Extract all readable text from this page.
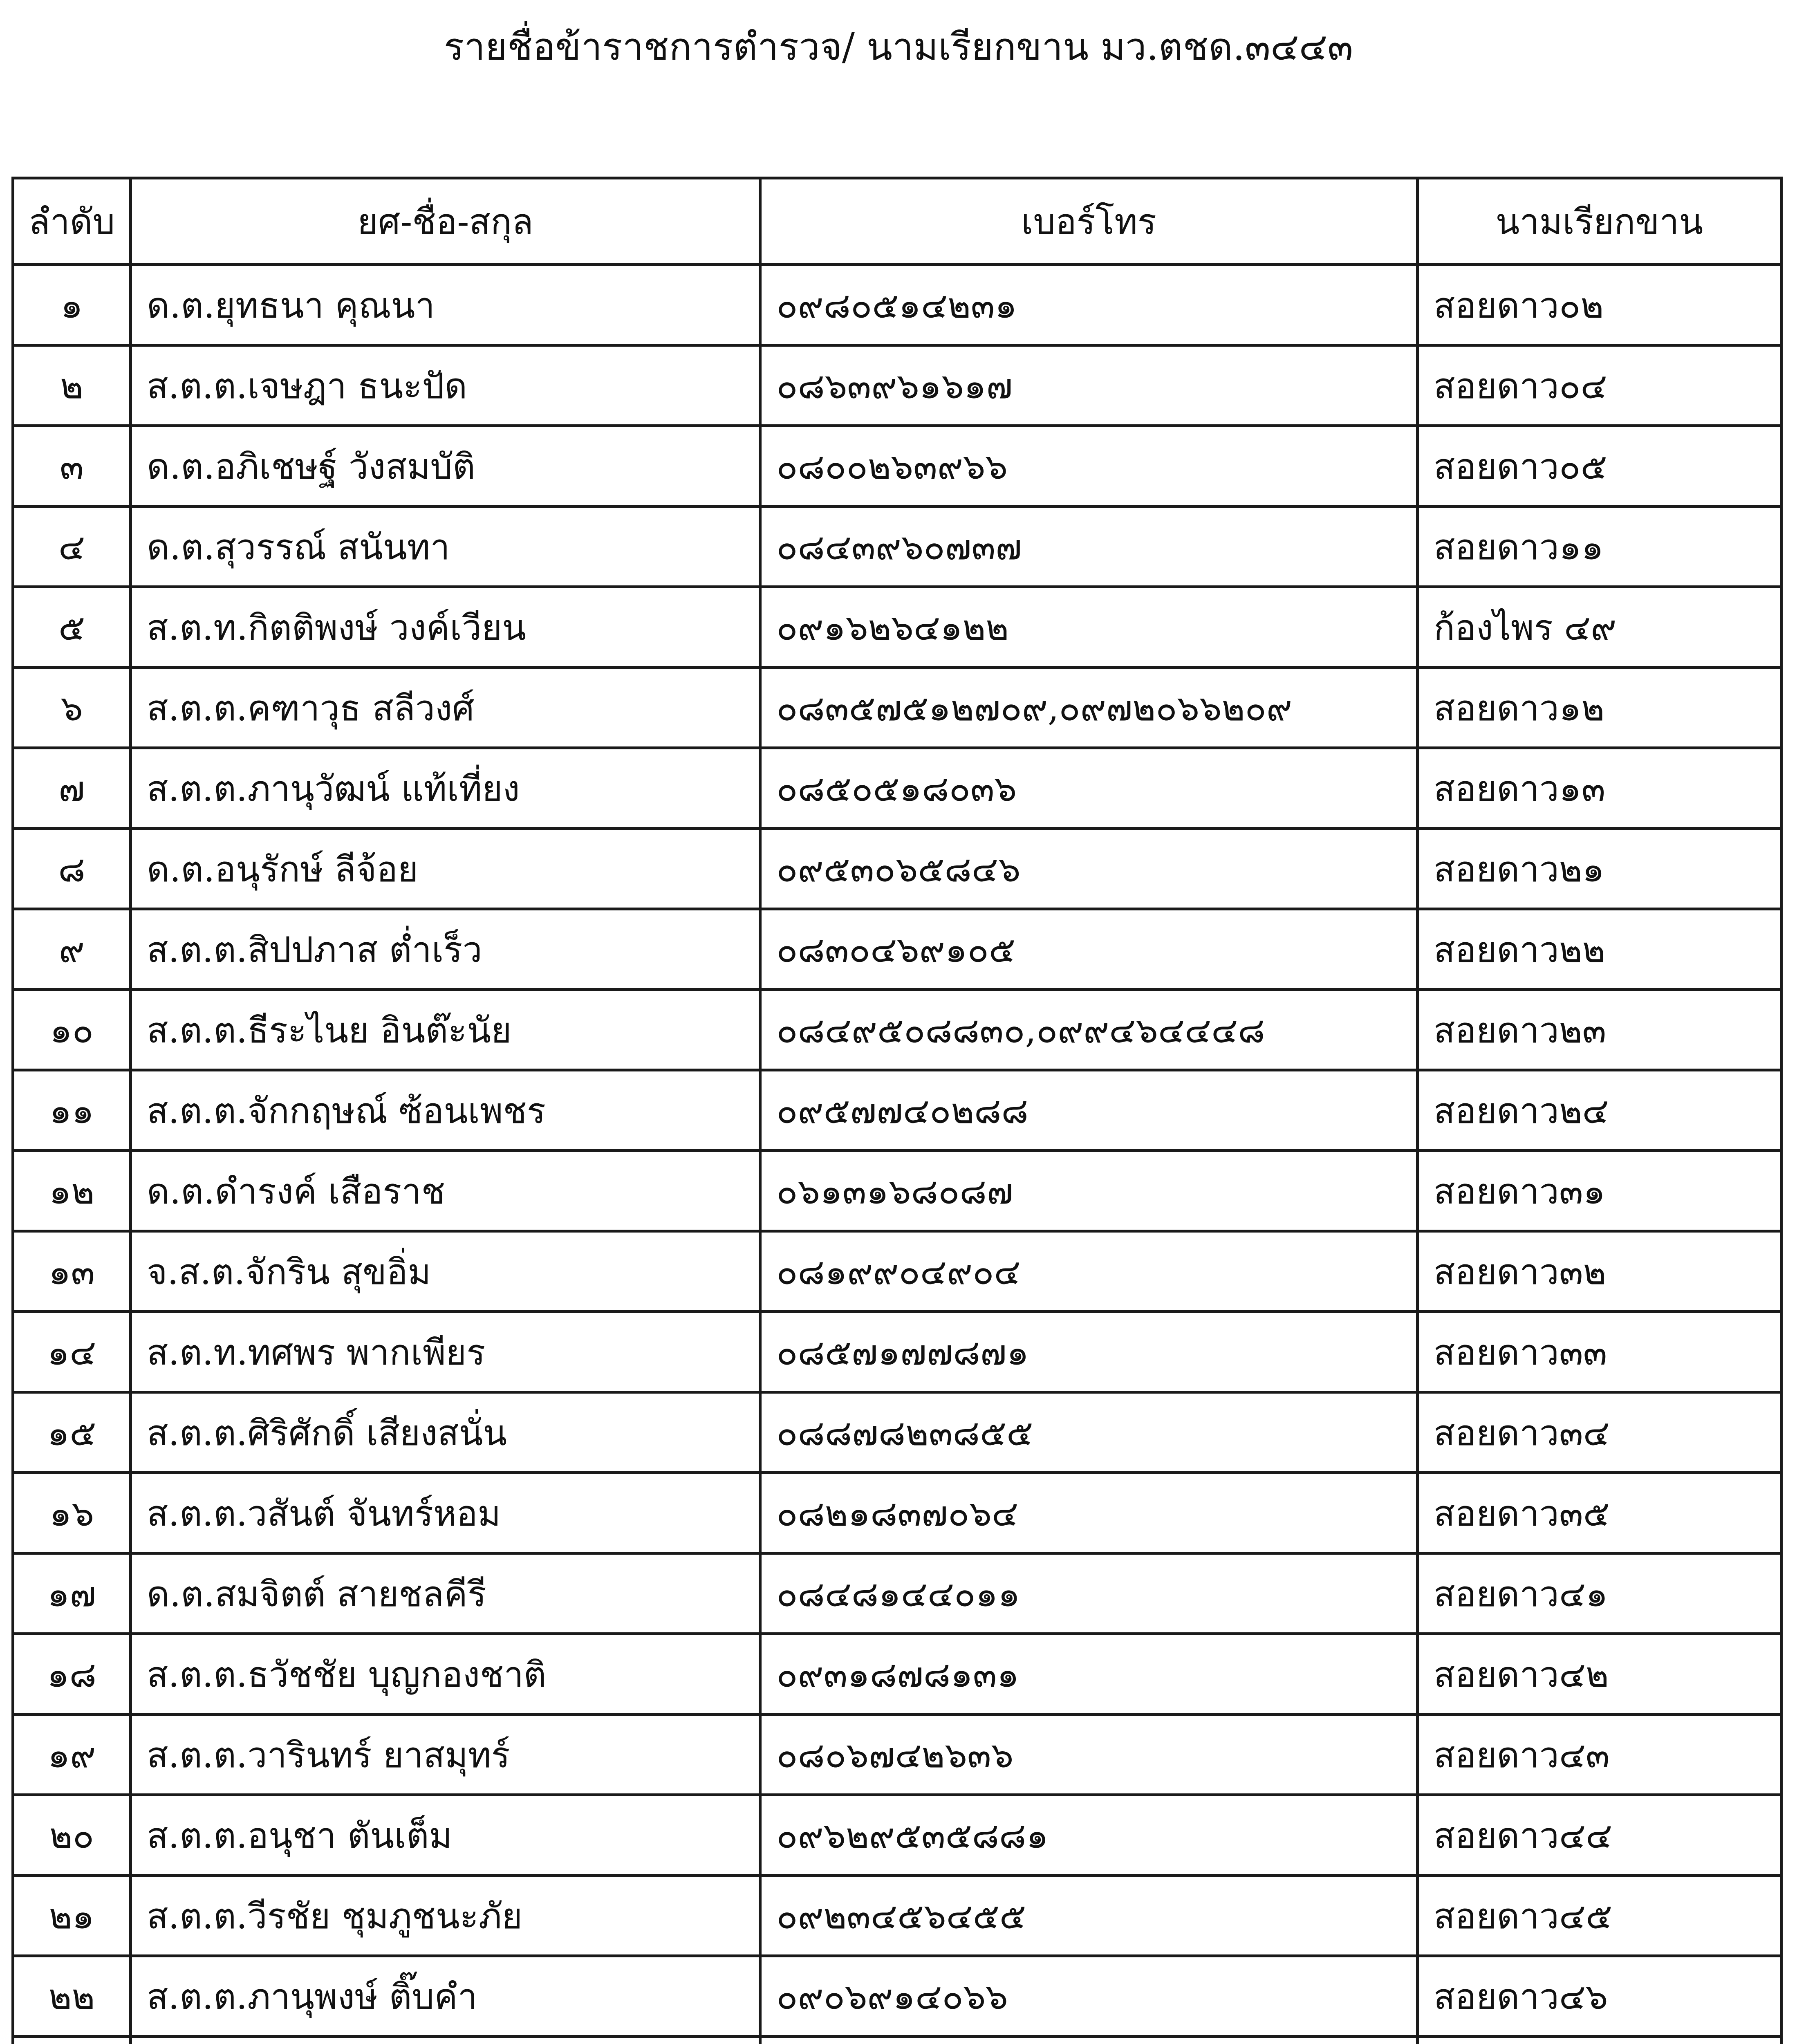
รายชื่อข้าราชการตำรวจ/ นามเรียกขาน มว.ตชด.๓๔๔๓
ลำดับ	ยศ-ชื่อ-สกุล	เบอร์โทร	นามเรียกขาน
๑	ด.ต.ยุทธนา คุณนา	๐๙๘๐๕๑๔๒๓๑	สอยดาว๐๒
๒	ส.ต.ต.เจษฎา ธนะปัด	๐๘๖๓๙๖๑๖๑๗	สอยดาว๐๔
๓	ด.ต.อภิเชษฐ์ วังสมบัติ	๐๘๐๐๒๖๓๙๖๖	สอยดาว๐๕
๔	ด.ต.สุวรรณ์ สนันทา	๐๘๔๓๙๖๐๗๓๗	สอยดาว๑๑
๕	ส.ต.ท.กิตติพงษ์ วงค์เวียน	๐๙๑๖๒๖๔๑๒๒	ก้องไพร ๔๙
๖	ส.ต.ต.คฑาวุธ สลีวงศ์	๐๘๓๕๗๕๑๒๗๐๙,๐๙๗๒๐๖๖๒๐๙	สอยดาว๑๒
๗	ส.ต.ต.ภานุวัฒน์ แท้เที่ยง	๐๘๕๐๕๑๘๐๓๖	สอยดาว๑๓
๘	ด.ต.อนุรักษ์ ลีจ้อย	๐๙๕๓๐๖๕๘๔๖	สอยดาว๒๑
๙	ส.ต.ต.สิปปภาส ต่ำเร็ว	๐๘๓๐๔๖๙๑๐๕	สอยดาว๒๒
๑๐	ส.ต.ต.ธีระไนย อินต๊ะนัย	๐๘๔๙๕๐๘๘๓๐,๐๙๙๔๖๔๔๔๘	สอยดาว๒๓
๑๑	ส.ต.ต.จักกฤษณ์ ซ้อนเพชร	๐๙๕๗๗๔๐๒๘๘	สอยดาว๒๔
๑๒	ด.ต.ดำรงค์ เสือราช	๐๖๑๓๑๖๘๐๘๗	สอยดาว๓๑
๑๓	จ.ส.ต.จักริน สุขอิ่ม	๐๘๑๙๙๐๔๙๐๔	สอยดาว๓๒
๑๔	ส.ต.ท.ทศพร พากเพียร	๐๘๕๗๑๗๗๘๗๑	สอยดาว๓๓
๑๕	ส.ต.ต.ศิริศักดิ์ เสียงสนั่น	๐๘๘๗๘๒๓๘๕๕	สอยดาว๓๔
๑๖	ส.ต.ต.วสันต์ จันทร์หอม	๐๘๒๑๘๓๗๐๖๔	สอยดาว๓๕
๑๗	ด.ต.สมจิตต์ สายชลคีรี	๐๘๔๘๑๔๔๐๑๑	สอยดาว๔๑
๑๘	ส.ต.ต.ธวัชชัย บุญกองชาติ	๐๙๓๑๘๗๘๑๓๑	สอยดาว๔๒
๑๙	ส.ต.ต.วารินทร์ ยาสมุทร์	๐๘๐๖๗๔๒๖๓๖	สอยดาว๔๓
๒๐	ส.ต.ต.อนุชา ตันเต็ม	๐๙๖๒๙๕๓๕๘๘๑	สอยดาว๔๔
๒๑	ส.ต.ต.วีรชัย ชุมภูชนะภัย	๐๙๒๓๔๕๖๔๕๕	สอยดาว๔๕
๒๒	ส.ต.ต.ภานุพงษ์ ติ๊บคำ	๐๙๐๖๙๑๔๐๖๖	สอยดาว๔๖
